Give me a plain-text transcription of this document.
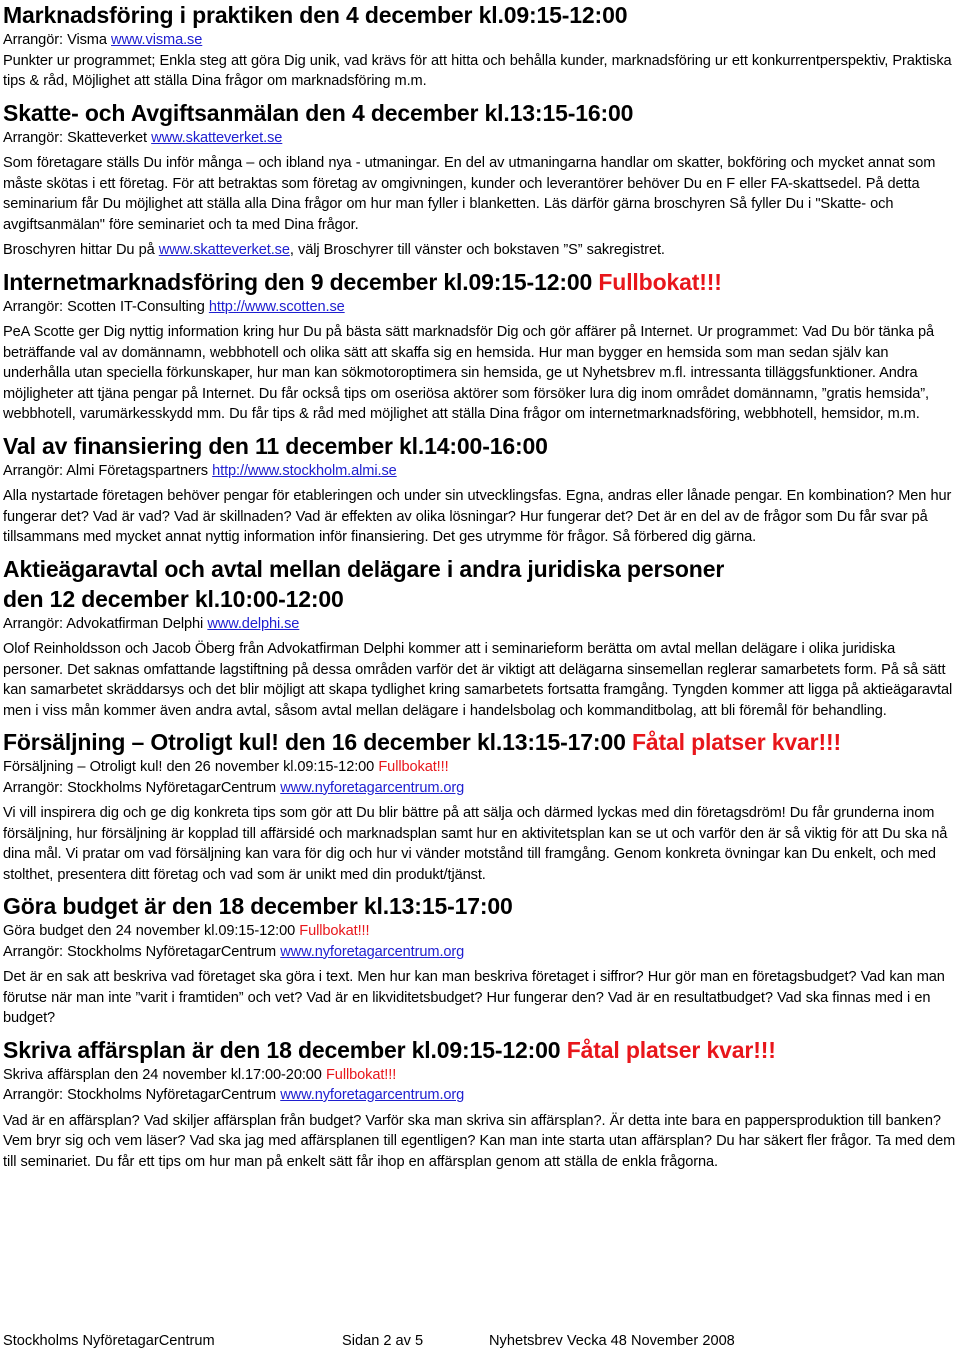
Marknadsföring i praktiken den 4 december kl.09:15-12:00
Arrangör: Visma www.visma.se
Punkter ur programmet; Enkla steg att göra Dig unik, vad krävs för att hitta och behålla kunder, marknadsföring ur ett konkurrentperspektiv, Praktiska tips & råd, Möjlighet att ställa Dina frågor om marknadsföring m.m.
Skatte- och Avgiftsanmälan den 4 december kl.13:15-16:00
Arrangör: Skatteverket www.skatteverket.se
Som företagare ställs Du inför många – och ibland nya - utmaningar. En del av utmaningarna handlar om skatter, bokföring och mycket annat som måste skötas i ett företag. För att betraktas som företag av omgivningen, kunder och leverantörer behöver Du en F eller FA-skattsedel. På detta seminarium får Du möjlighet att ställa alla Dina frågor om hur man fyller i blanketten. Läs därför gärna broschyren Så fyller Du i "Skatte- och avgiftsanmälan" före seminariet och ta med Dina frågor.
Broschyren hittar Du på www.skatteverket.se, välj Broschyrer till vänster och bokstaven ”S” sakregistret.
Internetmarknadsföring den 9 december kl.09:15-12:00 Fullbokat!!!
Arrangör: Scotten IT-Consulting http://www.scotten.se
PeA Scotte ger Dig nyttig information kring hur Du på bästa sätt marknadsför Dig och gör affärer på Internet. Ur programmet: Vad Du bör tänka på beträffande val av domännamn, webbhotell och olika sätt att skaffa sig en hemsida. Hur man bygger en hemsida som man sedan själv kan underhålla utan speciella förkunskaper, hur man kan sökmotoroptimera sin hemsida, ge ut Nyhetsbrev m.fl. intressanta tilläggsfunktioner. Andra möjligheter att tjäna pengar på Internet. Du får också tips om oseriösa aktörer som försöker lura dig inom området domännamn, ”gratis hemsida”, webbhotell, varumärkesskydd mm. Du får tips & råd med möjlighet att ställa Dina frågor om internetmarknadsföring, webbhotell, hemsidor, m.m.
Val av finansiering den 11 december kl.14:00-16:00
Arrangör: Almi Företagspartners http://www.stockholm.almi.se
Alla nystartade företagen behöver pengar för etableringen och under sin utvecklingsfas. Egna, andras eller lånade pengar. En kombination? Men hur fungerar det? Vad är vad? Vad är skillnaden? Vad är effekten av olika lösningar? Hur fungerar det? Det är en del av de frågor som Du får svar på tillsammans med mycket annat nyttig information inför finansiering. Det ges utrymme för frågor. Så förbered dig gärna.
Aktieägaravtal och avtal mellan delägare i andra juridiska personer
den 12 december kl.10:00-12:00
Arrangör: Advokatfirman Delphi www.delphi.se
Olof Reinholdsson och Jacob Öberg från Advokatfirman Delphi kommer att i seminarieform berätta om avtal mellan delägare i olika juridiska personer. Det saknas omfattande lagstiftning på dessa områden varför det är viktigt att delägarna sinsemellan reglerar samarbetets form. På så sätt kan samarbetet skräddarsys och det blir möjligt att skapa tydlighet kring samarbetets fortsatta framgång. Tyngden kommer att ligga på aktieägaravtal men i viss mån kommer även andra avtal, såsom avtal mellan delägare i handelsbolag och kommanditbolag, att bli föremål för behandling.
Försäljning – Otroligt kul! den 16 december kl.13:15-17:00 Fåtal platser kvar!!!
Försäljning – Otroligt kul! den 26 november kl.09:15-12:00 Fullbokat!!!
Arrangör: Stockholms NyföretagarCentrum www.nyforetagarcentrum.org
Vi vill inspirera dig och ge dig konkreta tips som gör att Du blir bättre på att sälja och därmed lyckas med din företagsdröm! Du får grunderna inom försäljning, hur försäljning är kopplad till affärsidé och marknadsplan samt hur en aktivitetsplan kan se ut och varför den är så viktig för att Du ska nå dina mål. Vi pratar om vad försäljning kan vara för dig och hur vi vänder motstånd till framgång. Genom konkreta övningar kan Du enkelt, och med stolthet, presentera ditt företag och vad som är unikt med din produkt/tjänst.
Göra budget är den 18 december kl.13:15-17:00
Göra budget den 24 november kl.09:15-12:00 Fullbokat!!!
Arrangör: Stockholms NyföretagarCentrum www.nyforetagarcentrum.org
Det är en sak att beskriva vad företaget ska göra i text. Men hur kan man beskriva företaget i siffror? Hur gör man en företagsbudget? Vad kan man förutse när man inte ”varit i framtiden” och vet? Vad är en likviditetsbudget? Hur fungerar den? Vad är en resultatbudget? Vad ska finnas med i en budget?
Skriva affärsplan är den 18 december kl.09:15-12:00 Fåtal platser kvar!!!
Skriva affärsplan den 24 november kl.17:00-20:00 Fullbokat!!!
Arrangör: Stockholms NyföretagarCentrum www.nyforetagarcentrum.org
Vad är en affärsplan? Vad skiljer affärsplan från budget? Varför ska man skriva sin affärsplan?. Är detta inte bara en pappersproduktion till banken? Vem bryr sig och vem läser? Vad ska jag med affärsplanen till egentligen? Kan man inte starta utan affärsplan? Du har säkert fler frågor. Ta med dem till seminariet. Du får ett tips om hur man på enkelt sätt får ihop en affärsplan genom att ställa de enkla frågorna.
Stockholms NyföretagarCentrum	Sidan 2 av 5	Nyhetsbrev Vecka 48 November 2008
